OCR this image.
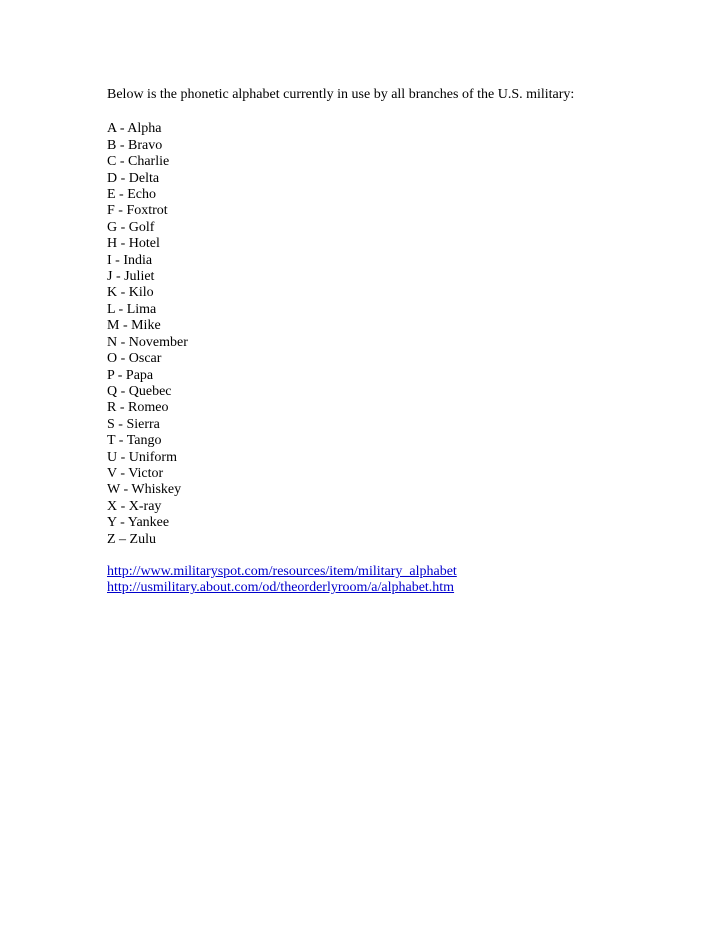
Below is the phonetic alphabet currently in use by all branches of the U.S. military:

A - Alpha
B - Bravo
C - Charlie
D - Delta
E - Echo
F - Foxtrot
G - Golf
H - Hotel
I - India
J - Juliet
K - Kilo
L - Lima
M - Mike
N - November
O - Oscar
P - Papa
Q - Quebec
R - Romeo
S - Sierra
T - Tango
U - Uniform
V - Victor
W - Whiskey
X - X-ray
Y - Yankee
Z – Zulu
http://www.militaryspot.com/resources/item/military_alphabet
http://usmilitary.about.com/od/theorderlyroom/a/alphabet.htm
